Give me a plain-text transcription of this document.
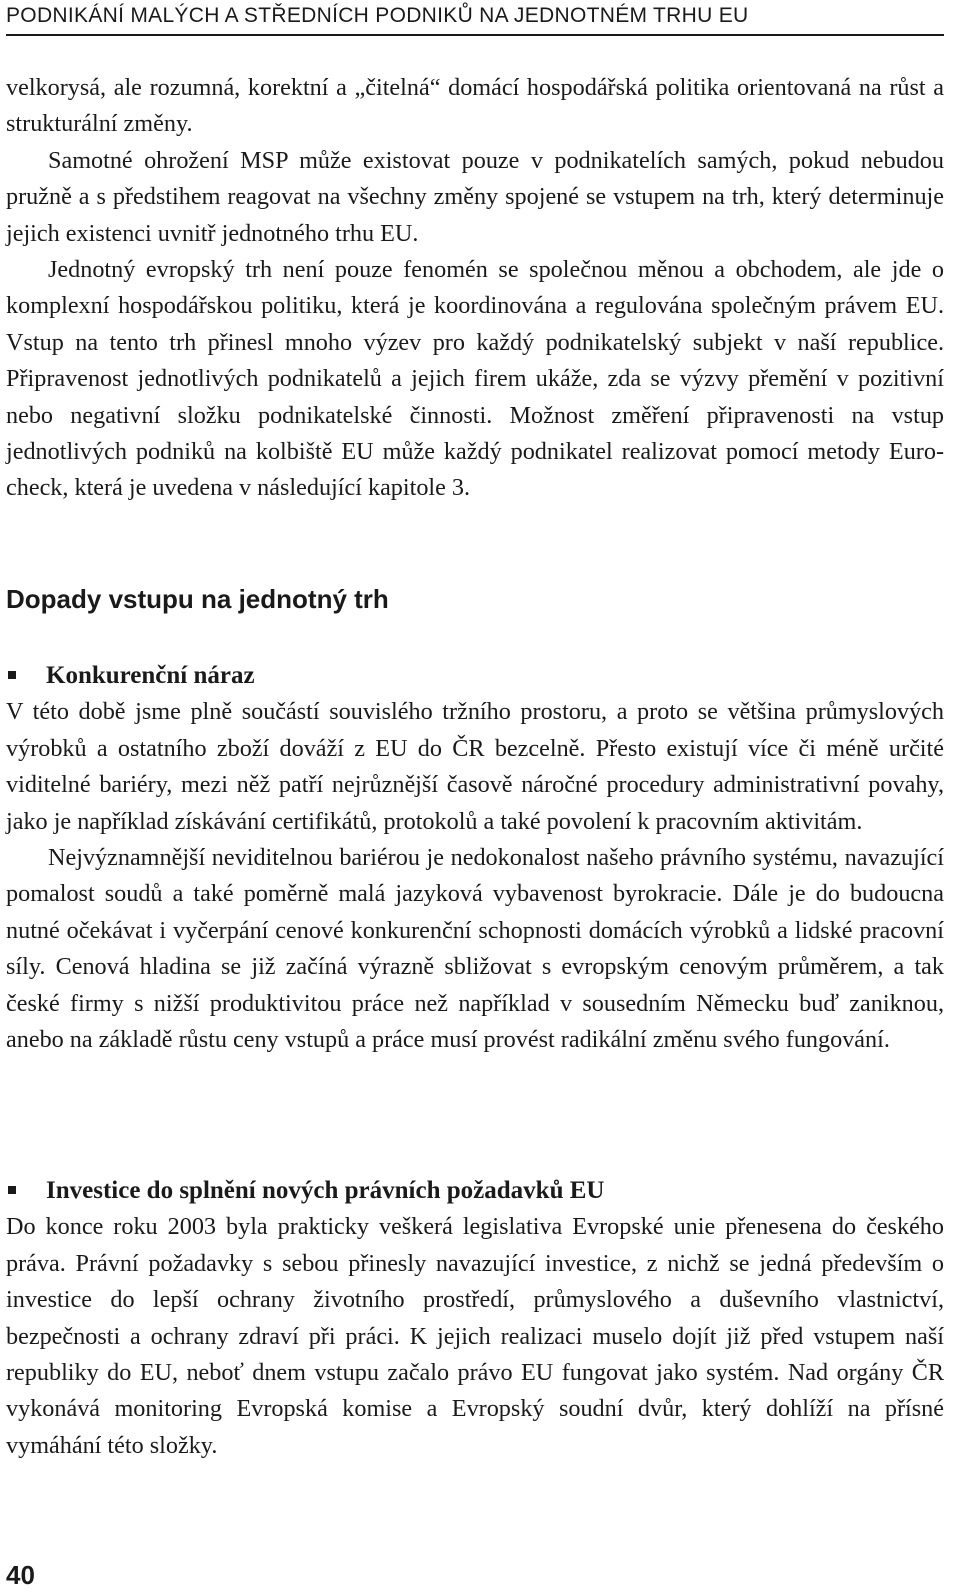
PODNIKÁNÍ MALÝCH A STŘEDNÍCH PODNIKŮ NA JEDNOTNÉM TRHU EU

velkorysá, ale rozumná, korektní a „čitelná“ domácí hospodářská politika orientovaná na růst a strukturální změny.

Samotné ohrožení MSP může existovat pouze v podnikatelích samých, pokud nebudou pružně a s předstihem reagovat na všechny změny spojené se vstupem na trh, který determinuje jejich existenci uvnitř jednotného trhu EU.

Jednotný evropský trh není pouze fenomén se společnou měnou a obchodem, ale jde o komplexní hospodářskou politiku, která je koordinována a regulována společným právem EU. Vstup na tento trh přinesl mnoho výzev pro každý podnikatelský subjekt v naší republice. Připravenost jednotlivých podnikatelů a jejich firem ukáže, zda se výzvy přemění v pozitivní nebo negativní složku podnikatelské činnosti. Možnost změření připravenosti na vstup jednotlivých podniků na kolbiště EU může každý podnikatel realizovat pomocí metody Euro-check, která je uvedena v následující kapitole 3.

Dopady vstupu na jednotný trh

Konkurenční náraz

V této době jsme plně součástí souvislého tržního prostoru, a proto se většina průmyslových výrobků a ostatního zboží dováží z EU do ČR bezcelně. Přesto existují více či méně určité viditelné bariéry, mezi něž patří nejrůznější časově náročné procedury administrativní povahy, jako je například získávání certifikátů, protokolů a také povolení k pracovním aktivitám.

Nejvýznamnější neviditelnou bariérou je nedokonalost našeho právního systému, navazující pomalost soudů a také poměrně malá jazyková vybavenost byrokracie. Dále je do budoucna nutné očekávat i vyčerpání cenové konkurenční schopnosti domácích výrobků a lidské pracovní síly. Cenová hladina se již začíná výrazně sbližovat s evropským cenovým průměrem, a tak české firmy s nižší produktivitou práce než například v sousedním Německu buď zaniknou, anebo na základě růstu ceny vstupů a práce musí provést radikální změnu svého fungování.

Investice do splnění nových právních požadavků EU

Do konce roku 2003 byla prakticky veškerá legislativa Evropské unie přenesena do českého práva. Právní požadavky s sebou přinesly navazující investice, z nichž se jedná především o investice do lepší ochrany životního prostředí, průmyslového a duševního vlastnictví, bezpečnosti a ochrany zdraví při práci. K jejich realizaci muselo dojít již před vstupem naší republiky do EU, neboť dnem vstupu začalo právo EU fungovat jako systém. Nad orgány ČR vykonává monitoring Evropská komise a Evropský soudní dvůr, který dohlíží na přísné vymáhání této složky.

40
